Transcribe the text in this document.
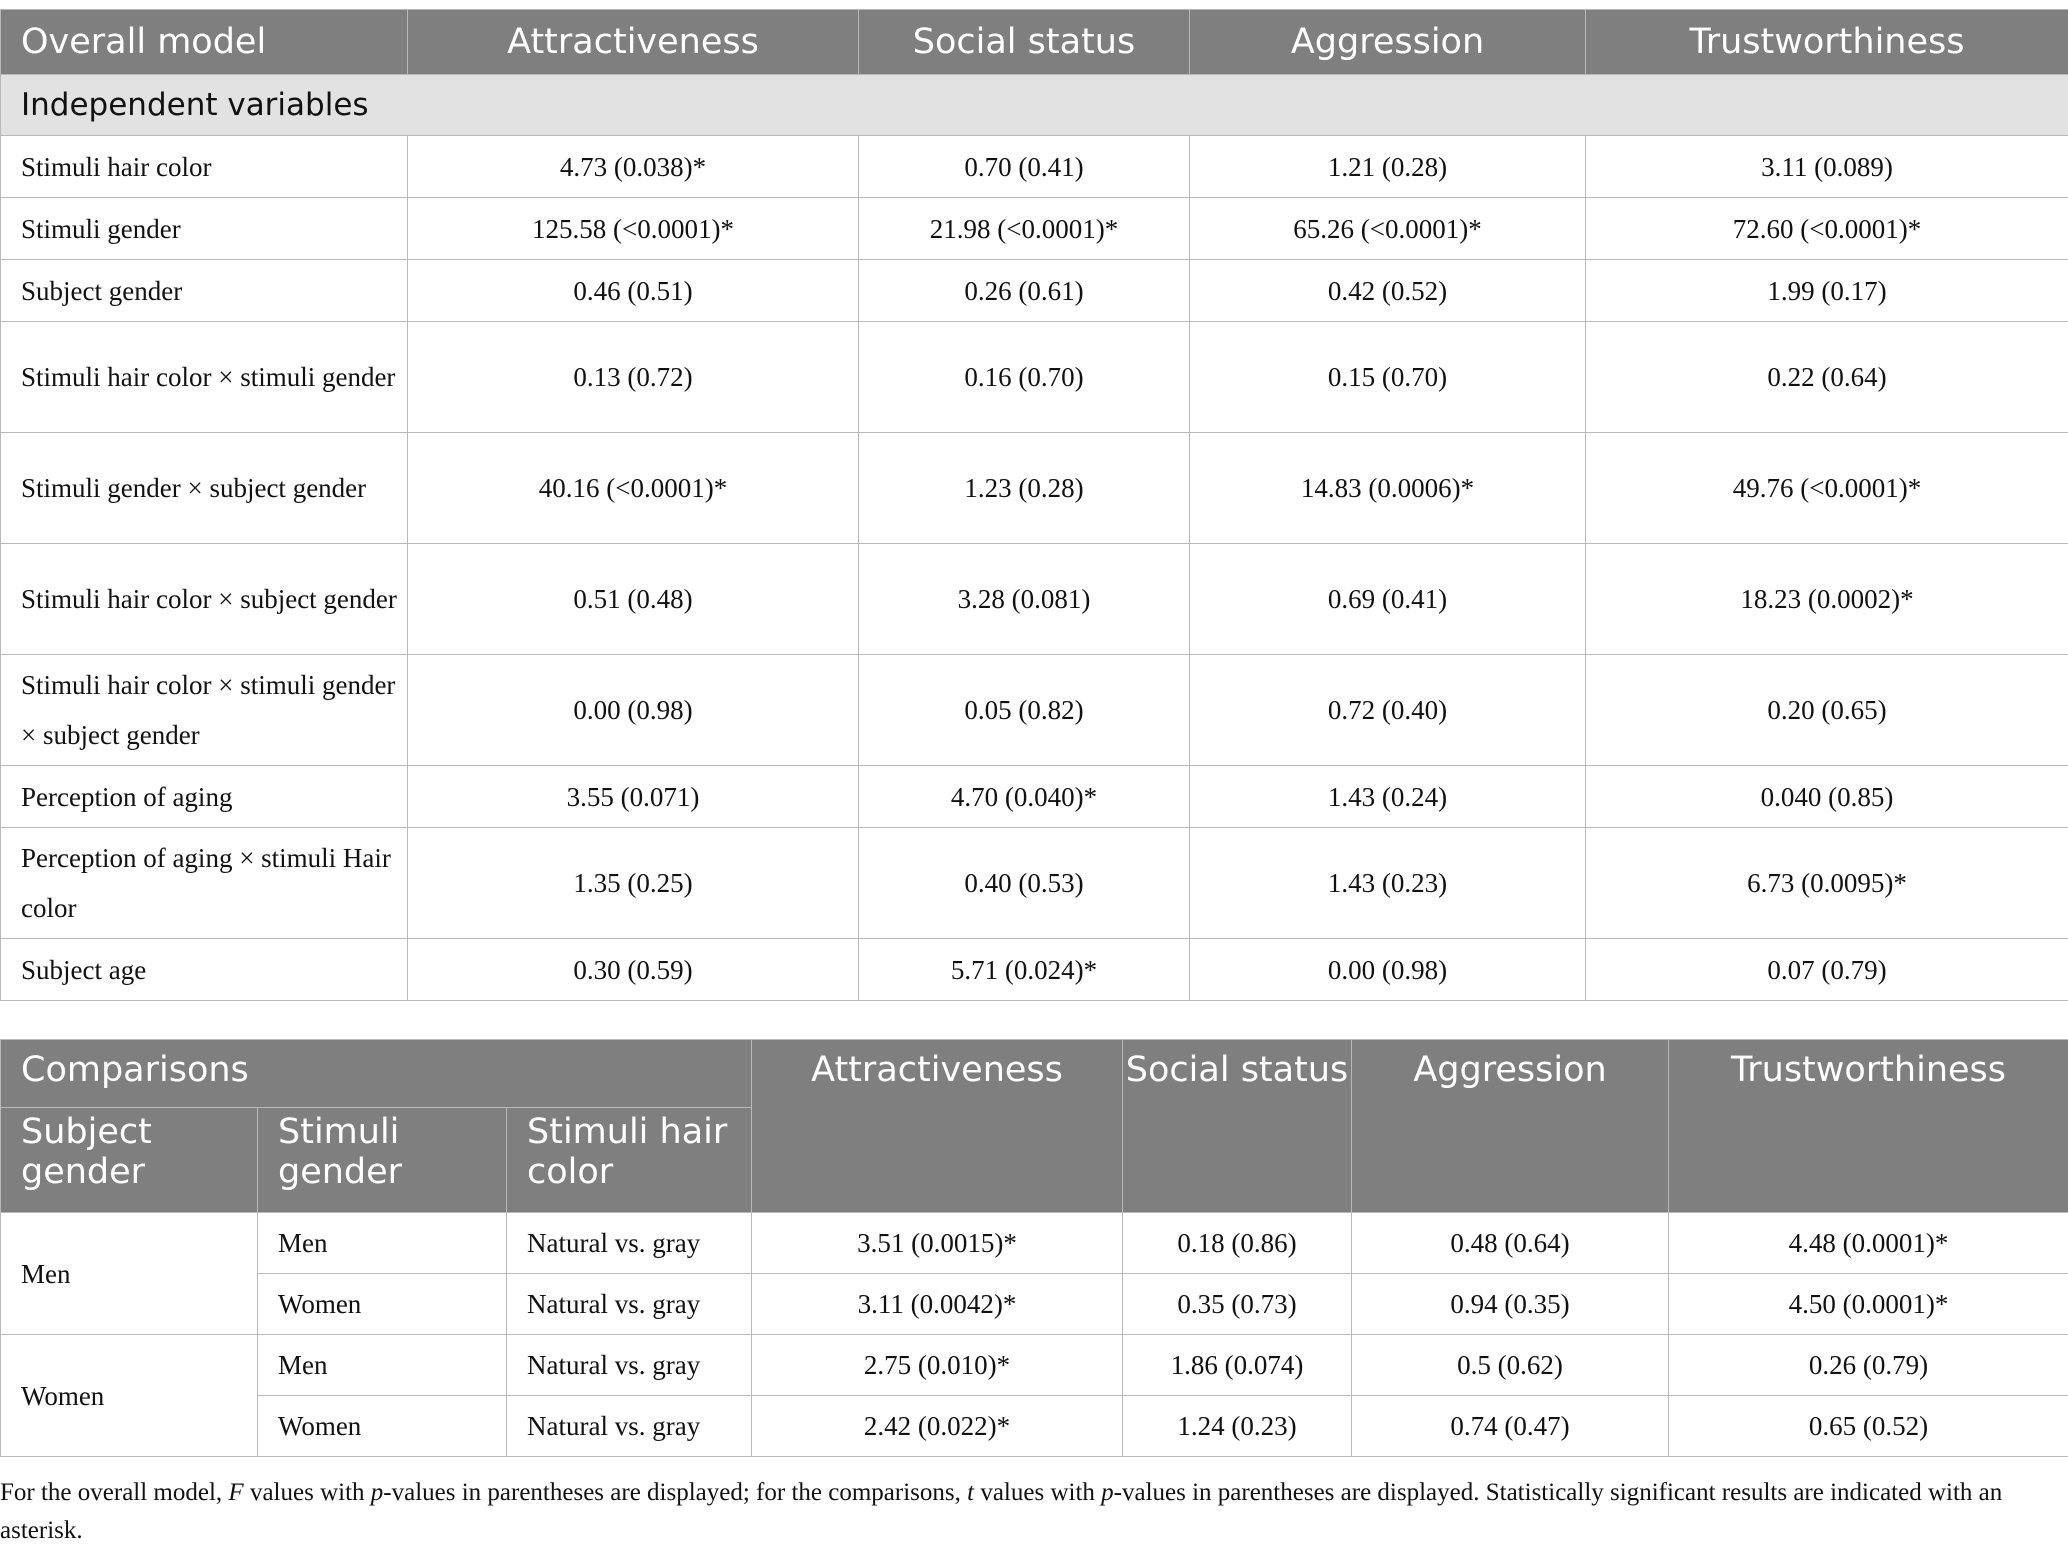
Overall model	Attractiveness	Social status	Aggression	Trustworthiness
Independent variables				
Stimuli hair color	4.73 (0.038)*	0.70 (0.41)	1.21 (0.28)	3.11 (0.089)
Stimuli gender	125.58 (<0.0001)*	21.98 (<0.0001)*	65.26 (<0.0001)*	72.60 (<0.0001)*
Subject gender	0.46 (0.51)	0.26 (0.61)	0.42 (0.52)	1.99 (0.17)
Stimuli hair color × stimuli gender	0.13 (0.72)	0.16 (0.70)	0.15 (0.70)	0.22 (0.64)
Stimuli gender × subject gender	40.16 (<0.0001)*	1.23 (0.28)	14.83 (0.0006)*	49.76 (<0.0001)*
Stimuli hair color × subject gender	0.51 (0.48)	3.28 (0.081)	0.69 (0.41)	18.23 (0.0002)*
Stimuli hair color × stimuli gender × subject gender	0.00 (0.98)	0.05 (0.82)	0.72 (0.40)	0.20 (0.65)
Perception of aging	3.55 (0.071)	4.70 (0.040)*	1.43 (0.24)	0.040 (0.85)
Perception of aging × stimuli Hair color	1.35 (0.25)	0.40 (0.53)	1.43 (0.23)	6.73 (0.0095)*
Subject age	0.30 (0.59)	5.71 (0.024)*	0.00 (0.98)	0.07 (0.79)
Comparisons			Attractiveness	Social status	Aggression	Trustworthiness
Subject gender	Stimuli gender	Stimuli hair color				
Men	Men	Natural vs. gray	3.51 (0.0015)*	0.18 (0.86)	0.48 (0.64)	4.48 (0.0001)*
	Women	Natural vs. gray	3.11 (0.0042)*	0.35 (0.73)	0.94 (0.35)	4.50 (0.0001)*
Women	Men	Natural vs. gray	2.75 (0.010)*	1.86 (0.074)	0.5 (0.62)	0.26 (0.79)
	Women	Natural vs. gray	2.42 (0.022)*	1.24 (0.23)	0.74 (0.47)	0.65 (0.52)
For the overall model, F values with p-values in parentheses are displayed; for the comparisons, t values with p-values in parentheses are displayed. Statistically significant results are indicated with an asterisk.
